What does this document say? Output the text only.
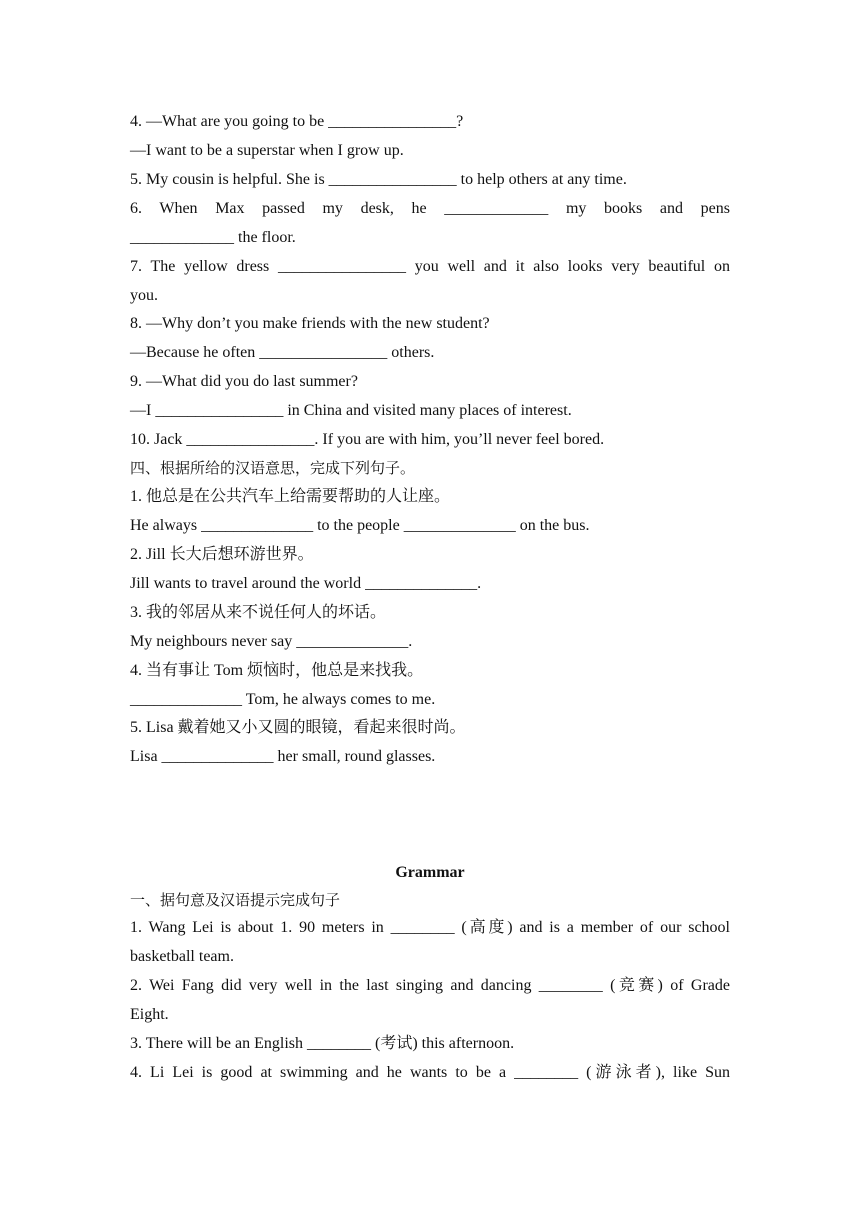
4. —What are you going to be ________________?
—I want to be a superstar when I grow up.
5. My cousin is helpful. She is ________________ to help others at any time.
6. When Max passed my desk, he _____________ my books and pens
_____________ the floor.
7. The yellow dress ________________ you well and it also looks very beautiful on
you.
8. —Why don’t you make friends with the new student?
—Because he often ________________ others.
9. —What did you do last summer?
—I ________________ in China and visited many places of interest.
10. Jack ________________. If you are with him, you’ll never feel bored.
四、根据所给的汉语意思，完成下列句子。
1. 他总是在公共汽车上给需要帮助的人让座。
He always ______________ to the people ______________ on the bus.
2. Jill 长大后想环游世界。
Jill wants to travel around the world ______________.
3. 我的邻居从来不说任何人的坏话。
My neighbours never say ______________.
4. 当有事让 Tom 烦恼时，他总是来找我。
______________ Tom, he always comes to me.
5. Lisa 戴着她又小又圆的眼镜，看起来很时尚。
Lisa ______________ her small, round glasses.
Grammar
一、据句意及汉语提示完成句子
1. Wang Lei is about 1. 90 meters in ________ (高度) and is a member of our school
basketball team.
2. Wei Fang did very well in the last singing and dancing ________ (竞赛) of Grade
Eight.
3. There will be an English ________ (考试) this afternoon.
4. Li Lei is good at swimming and he wants to be a ________ (游泳者), like Sun
